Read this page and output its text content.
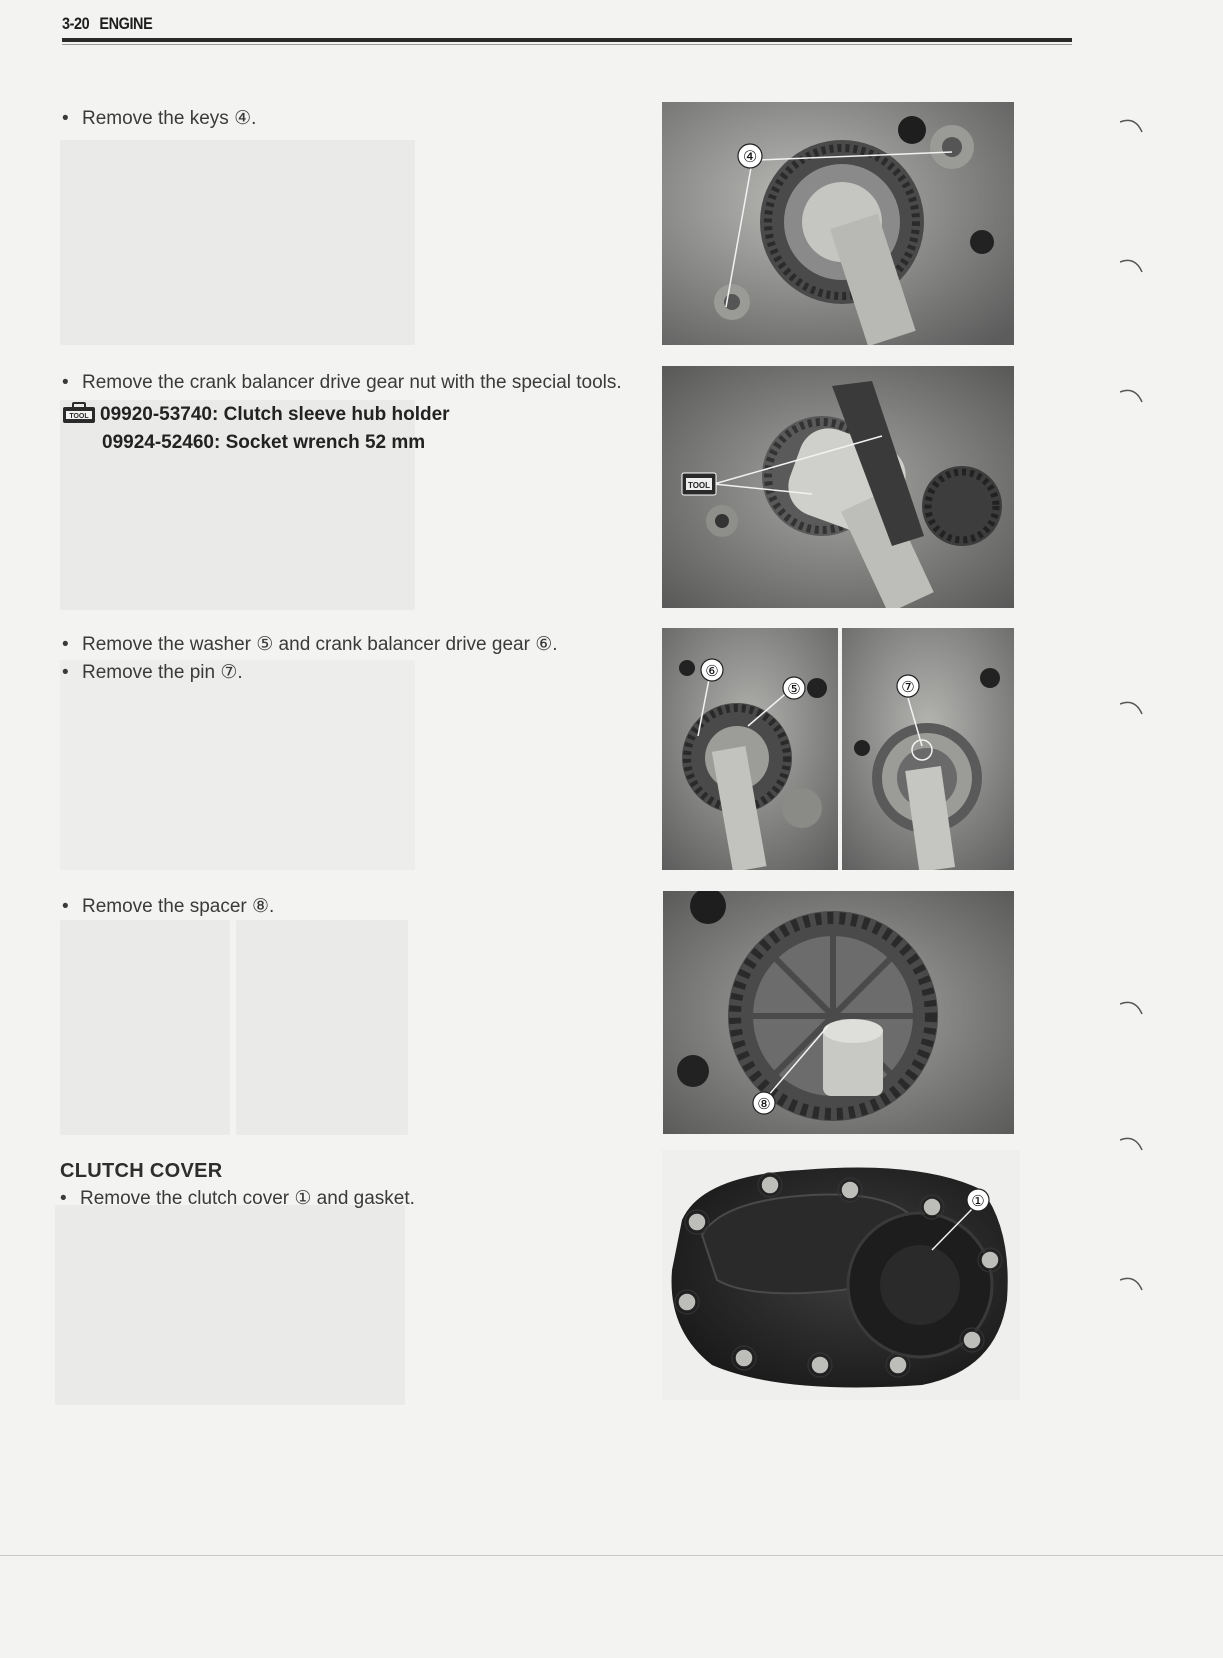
3-20 ENGINE
• Remove the keys ④.
• Remove the crank balancer drive gear nut with the special tools.
TOOL 09920-53740: Clutch sleeve hub holder
09924-52460: Socket wrench 52 mm
• Remove the washer ⑤ and crank balancer drive gear ⑥.
• Remove the pin ⑦.
• Remove the spacer ⑧.
CLUTCH COVER
• Remove the clutch cover ① and gasket.
④
TOOL
⑥
⑤	⑦
⑧
①
